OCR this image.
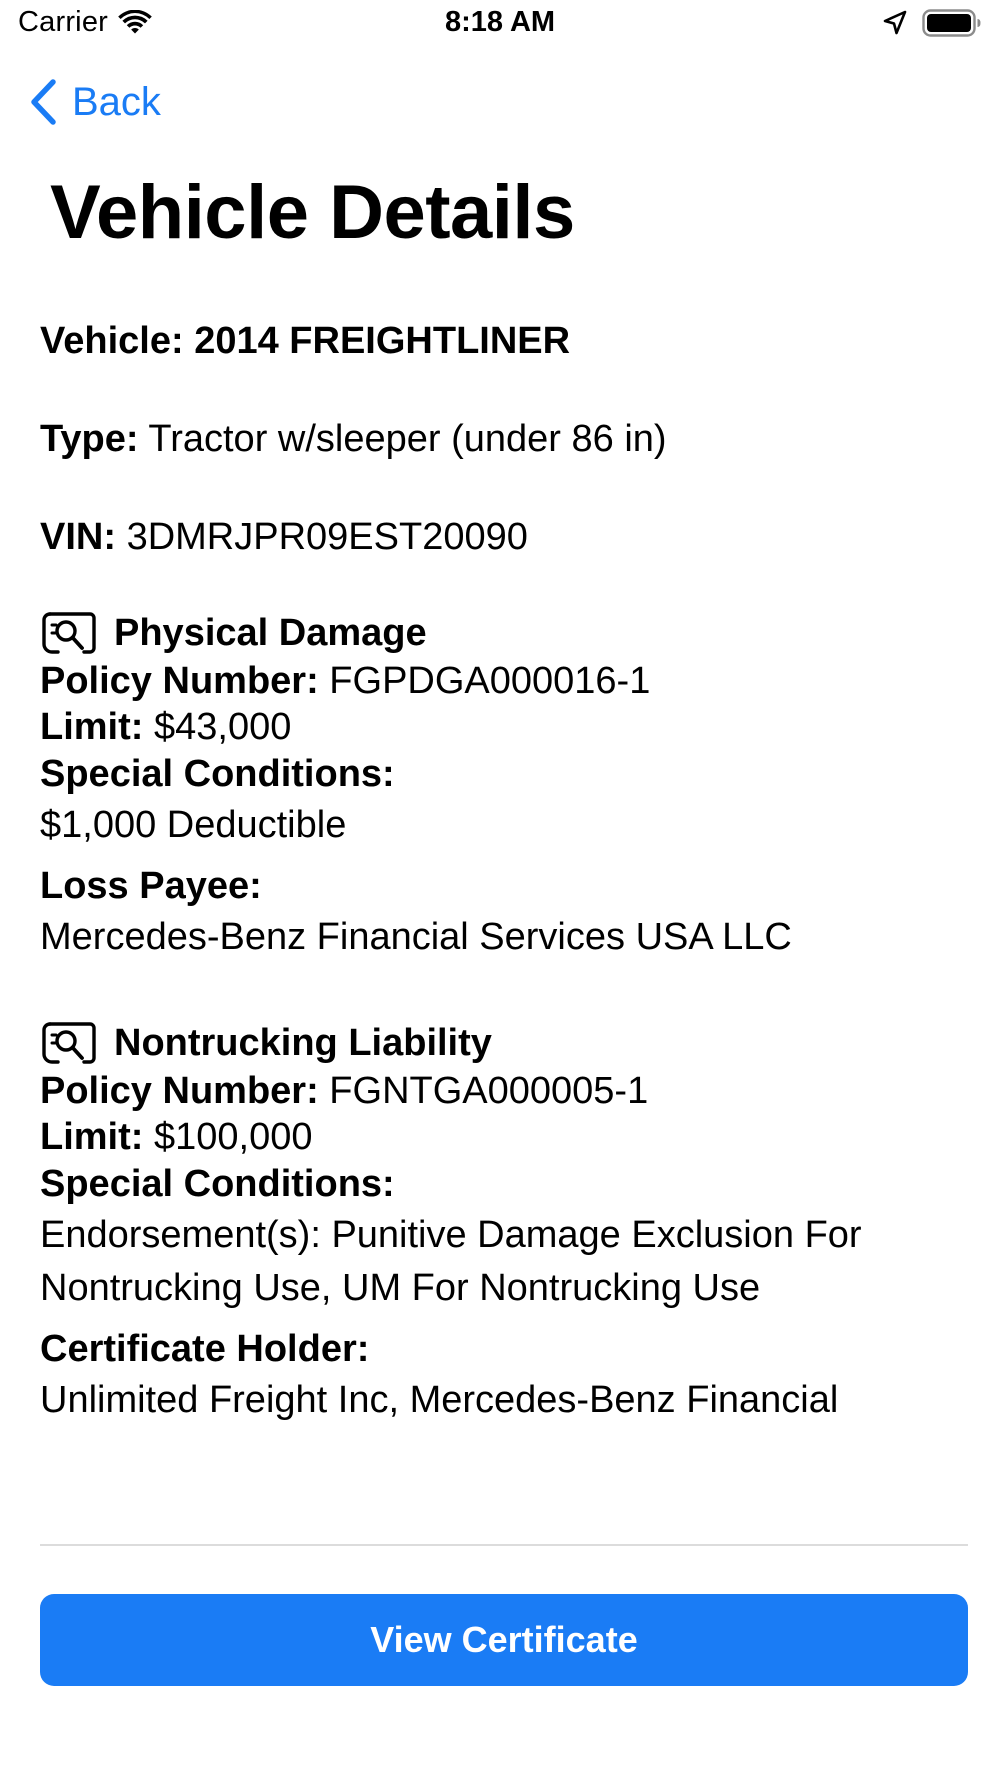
Carrier	8:18 AM
Back
Vehicle Details
Vehicle: 2014 FREIGHTLINER
Type: Tractor w/sleeper (under 86 in)
VIN: 3DMRJPR09EST20090
Physical Damage
Policy Number: FGPDGA000016-1
Limit: $43,000
Special Conditions:
$1,000 Deductible
Loss Payee:
Mercedes-Benz Financial Services USA LLC
Nontrucking Liability
Policy Number: FGNTGA000005-1
Limit: $100,000
Special Conditions:
Endorsement(s): Punitive Damage Exclusion For Nontrucking Use, UM For Nontrucking Use
Certificate Holder:
Unlimited Freight Inc, Mercedes-Benz Financial
View Certificate
